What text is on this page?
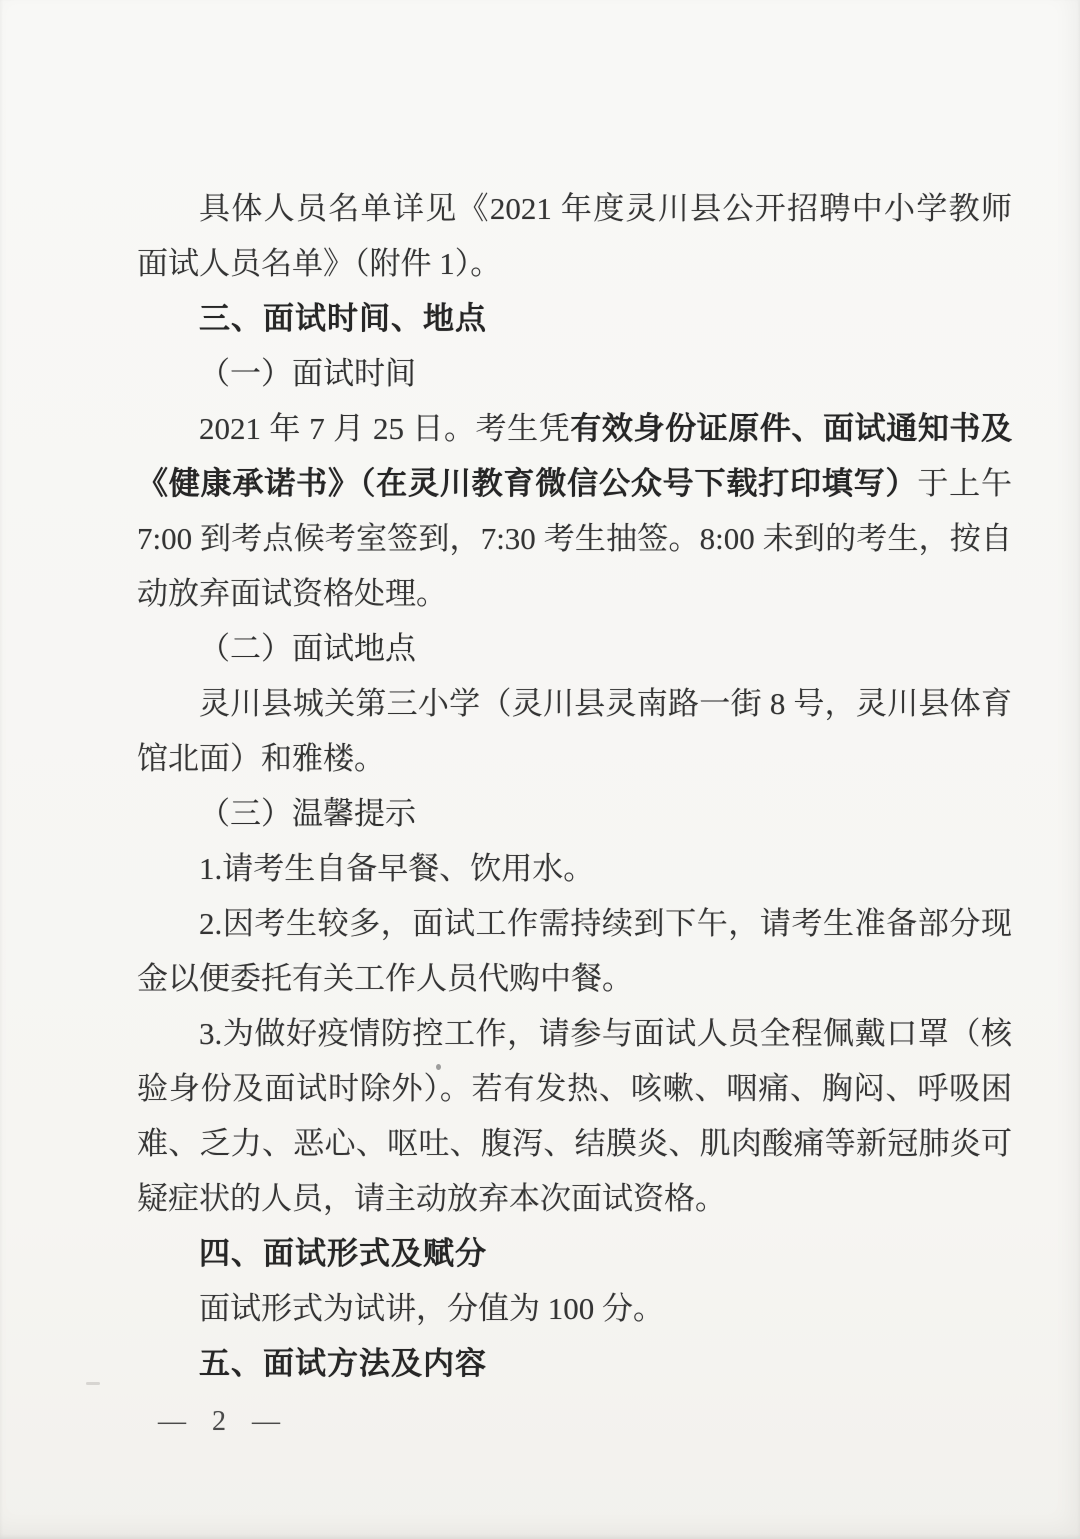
具体人员名单详见《2021 年度灵川县公开招聘中小学教师面试人员名单》（附件 1）。

三、面试时间、地点

（一）面试时间

2021 年 7 月 25 日。考生凭有效身份证原件、面试通知书及《健康承诺书》（在灵川教育微信公众号下载打印填写）于上午 7:00 到考点候考室签到，7:30 考生抽签。8:00 未到的考生，按自动放弃面试资格处理。

（二）面试地点

灵川县城关第三小学（灵川县灵南路一街 8 号，灵川县体育馆北面）和雅楼。

（三）温馨提示

1.请考生自备早餐、饮用水。

2.因考生较多，面试工作需持续到下午，请考生准备部分现金以便委托有关工作人员代购中餐。

3.为做好疫情防控工作，请参与面试人员全程佩戴口罩（核验身份及面试时除外）。若有发热、咳嗽、咽痛、胸闷、呼吸困难、乏力、恶心、呕吐、腹泻、结膜炎、肌肉酸痛等新冠肺炎可疑症状的人员，请主动放弃本次面试资格。

四、面试形式及赋分

面试形式为试讲，分值为 100 分。

五、面试方法及内容

— 2 —
